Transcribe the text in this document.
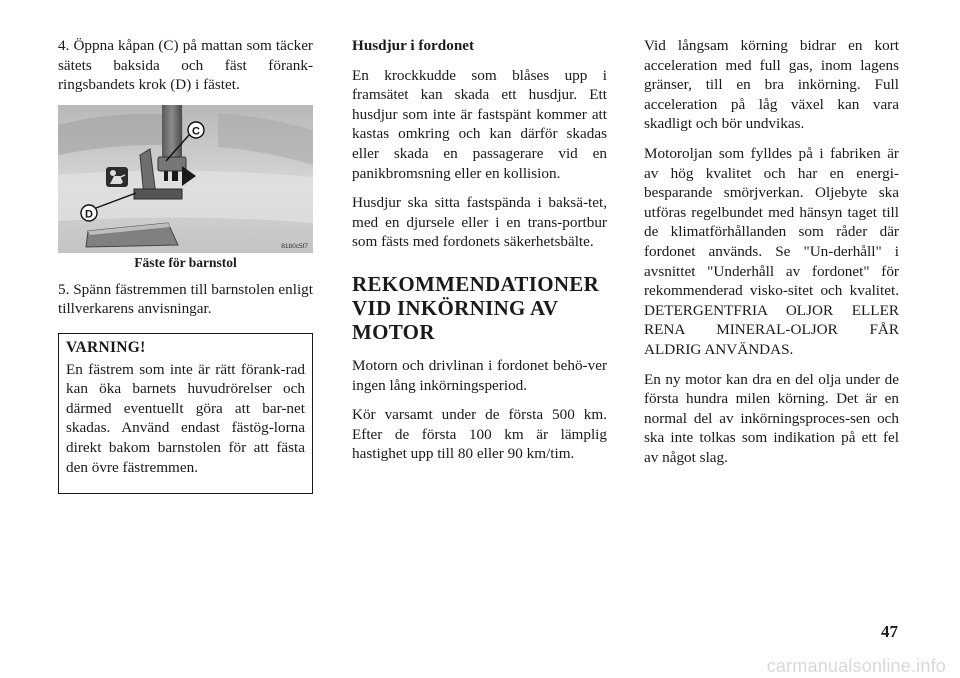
4. Öppna kåpan (C) på mattan som täcker sätets baksida och fäst förank-ringsbandets krok (D) i fästet.

C
D
81b0c5f7
Fäste för barnstol

5. Spänn fästremmen till barnstolen enligt tillverkarens anvisningar.

VARNING!

En fästrem som inte är rätt förank-rad kan öka barnets huvudrörelser och därmed eventuellt göra att bar-net skadas. Använd endast fästög-lorna direkt bakom barnstolen för att fästa den övre fästremmen.

Husdjur i fordonet

En krockkudde som blåses upp i framsätet kan skada ett husdjur. Ett husdjur som inte är fastspänt kommer att kastas omkring och kan därför skadas eller skada en passagerare vid en panikbromsning eller en kollision.

Husdjur ska sitta fastspända i baksä-tet, med en djursele eller i en trans-portbur som fästs med fordonets säkerhetsbälte.

REKOMMENDATIONER VID INKÖRNING AV MOTOR

Motorn och drivlinan i fordonet behö-ver ingen lång inkörningsperiod.

Kör varsamt under de första 500 km. Efter de första 100 km är lämplig hastighet upp till 80 eller 90 km/tim.

Vid långsam körning bidrar en kort acceleration med full gas, inom lagens gränser, till en bra inkörning. Full acceleration på låg växel kan vara skadligt och bör undvikas.

Motoroljan som fylldes på i fabriken är av hög kvalitet och har en energi-besparande smörjverkan. Oljebyte ska utföras regelbundet med hänsyn taget till de klimatförhållanden som råder där fordonet används. Se "Un-derhåll" i avsnittet "Underhåll av fordonet" för rekommenderad visko-sitet och kvalitet. DETERGENTFRIA OLJOR ELLER RENA MINERAL-OLJOR FÅR ALDRIG ANVÄNDAS.

En ny motor kan dra en del olja under de första hundra milen körning. Det är en normal del av inkörningsproces-sen och ska inte tolkas som indikation på ett fel av något slag.

47
carmanualsonline.info
